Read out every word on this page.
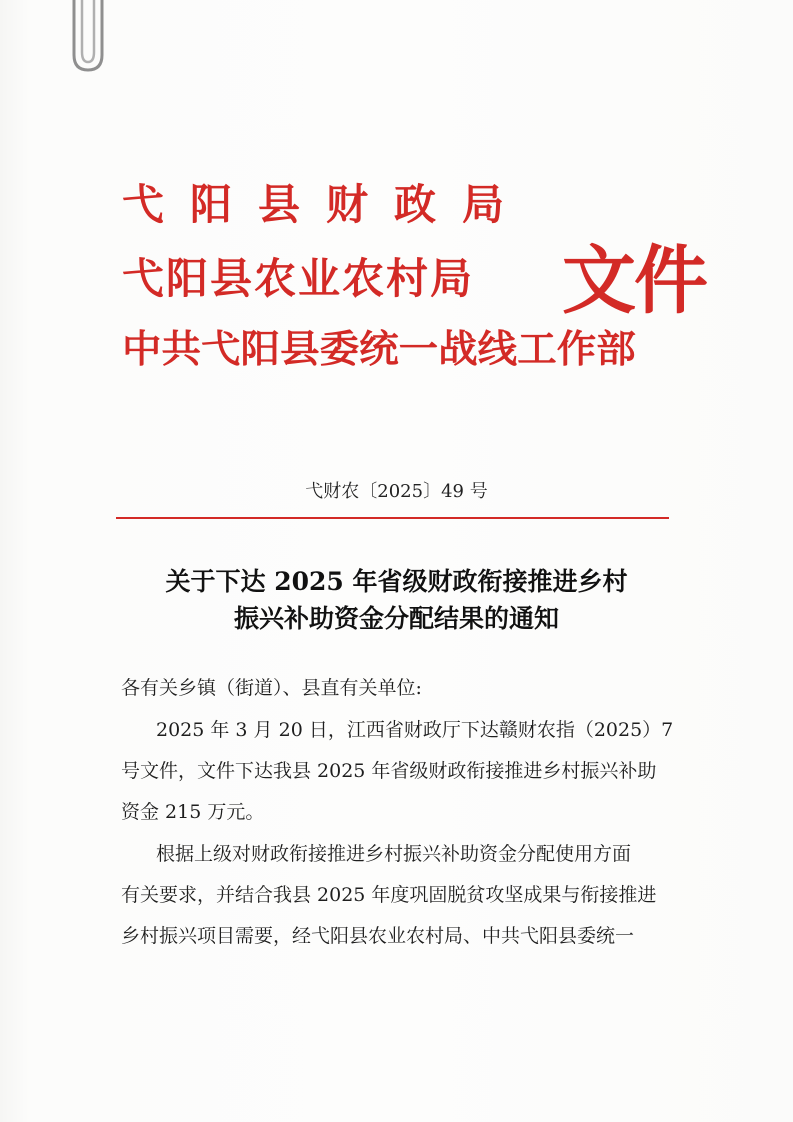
弋阳县财政局
弋阳县农业农村局
中共弋阳县委统一战线工作部
文件
弋财农〔2025〕49 号
关于下达 2025 年省级财政衔接推进乡村
振兴补助资金分配结果的通知
各有关乡镇（街道）、县直有关单位:
2025 年 3 月 20 日，江西省财政厅下达赣财农指（2025）7
号文件，文件下达我县 2025 年省级财政衔接推进乡村振兴补助
资金 215 万元。
根据上级对财政衔接推进乡村振兴补助资金分配使用方面
有关要求，并结合我县 2025 年度巩固脱贫攻坚成果与衔接推进
乡村振兴项目需要，经弋阳县农业农村局、中共弋阳县委统一
